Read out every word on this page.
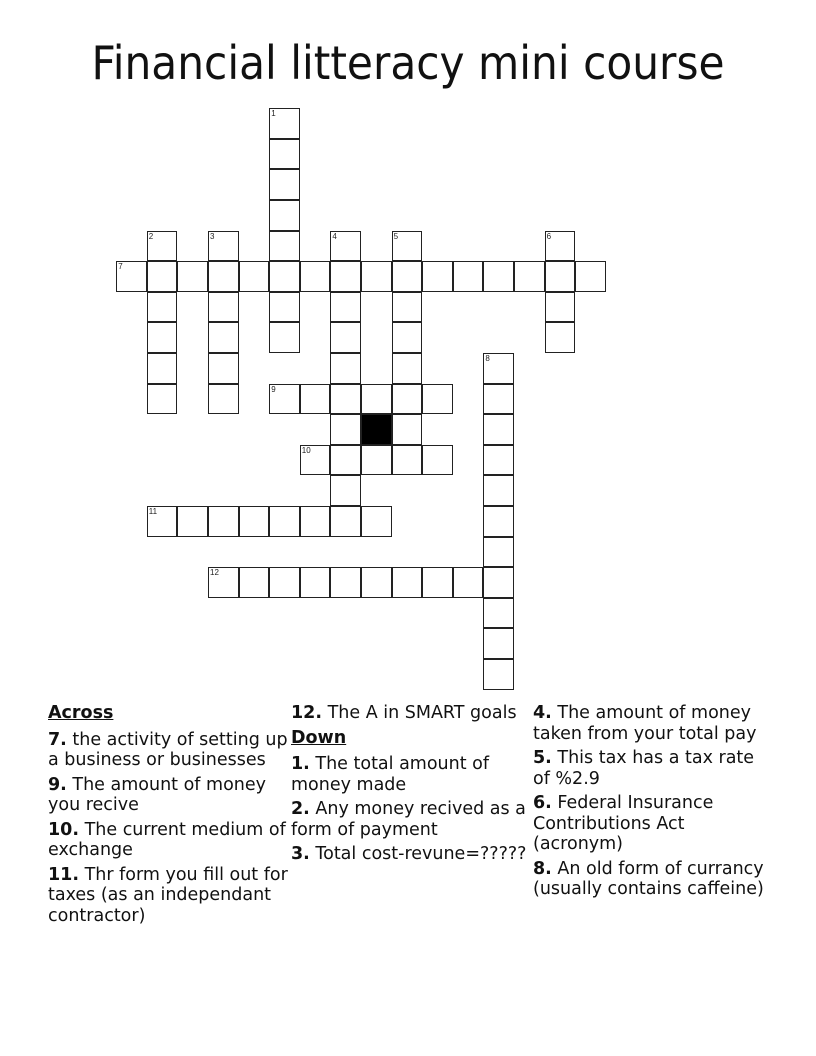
Financial litteracy mini course
1
2	3	4	5	6
7
8
9
10
11
12
Across
7. the activity of setting up a business or businesses
9. The amount of money you recive
10. The current medium of exchange
11. Thr form you fill out for taxes (as an independant contractor)
12. The A in SMART goals
Down
1. The total amount of money made
2. Any money recived as a form of payment
3. Total cost-revune=?????
4. The amount of money taken from your total pay
5. This tax has a tax rate of %2.9
6. Federal Insurance Contributions Act (acronym)
8. An old form of currancy (usually contains caffeine)
